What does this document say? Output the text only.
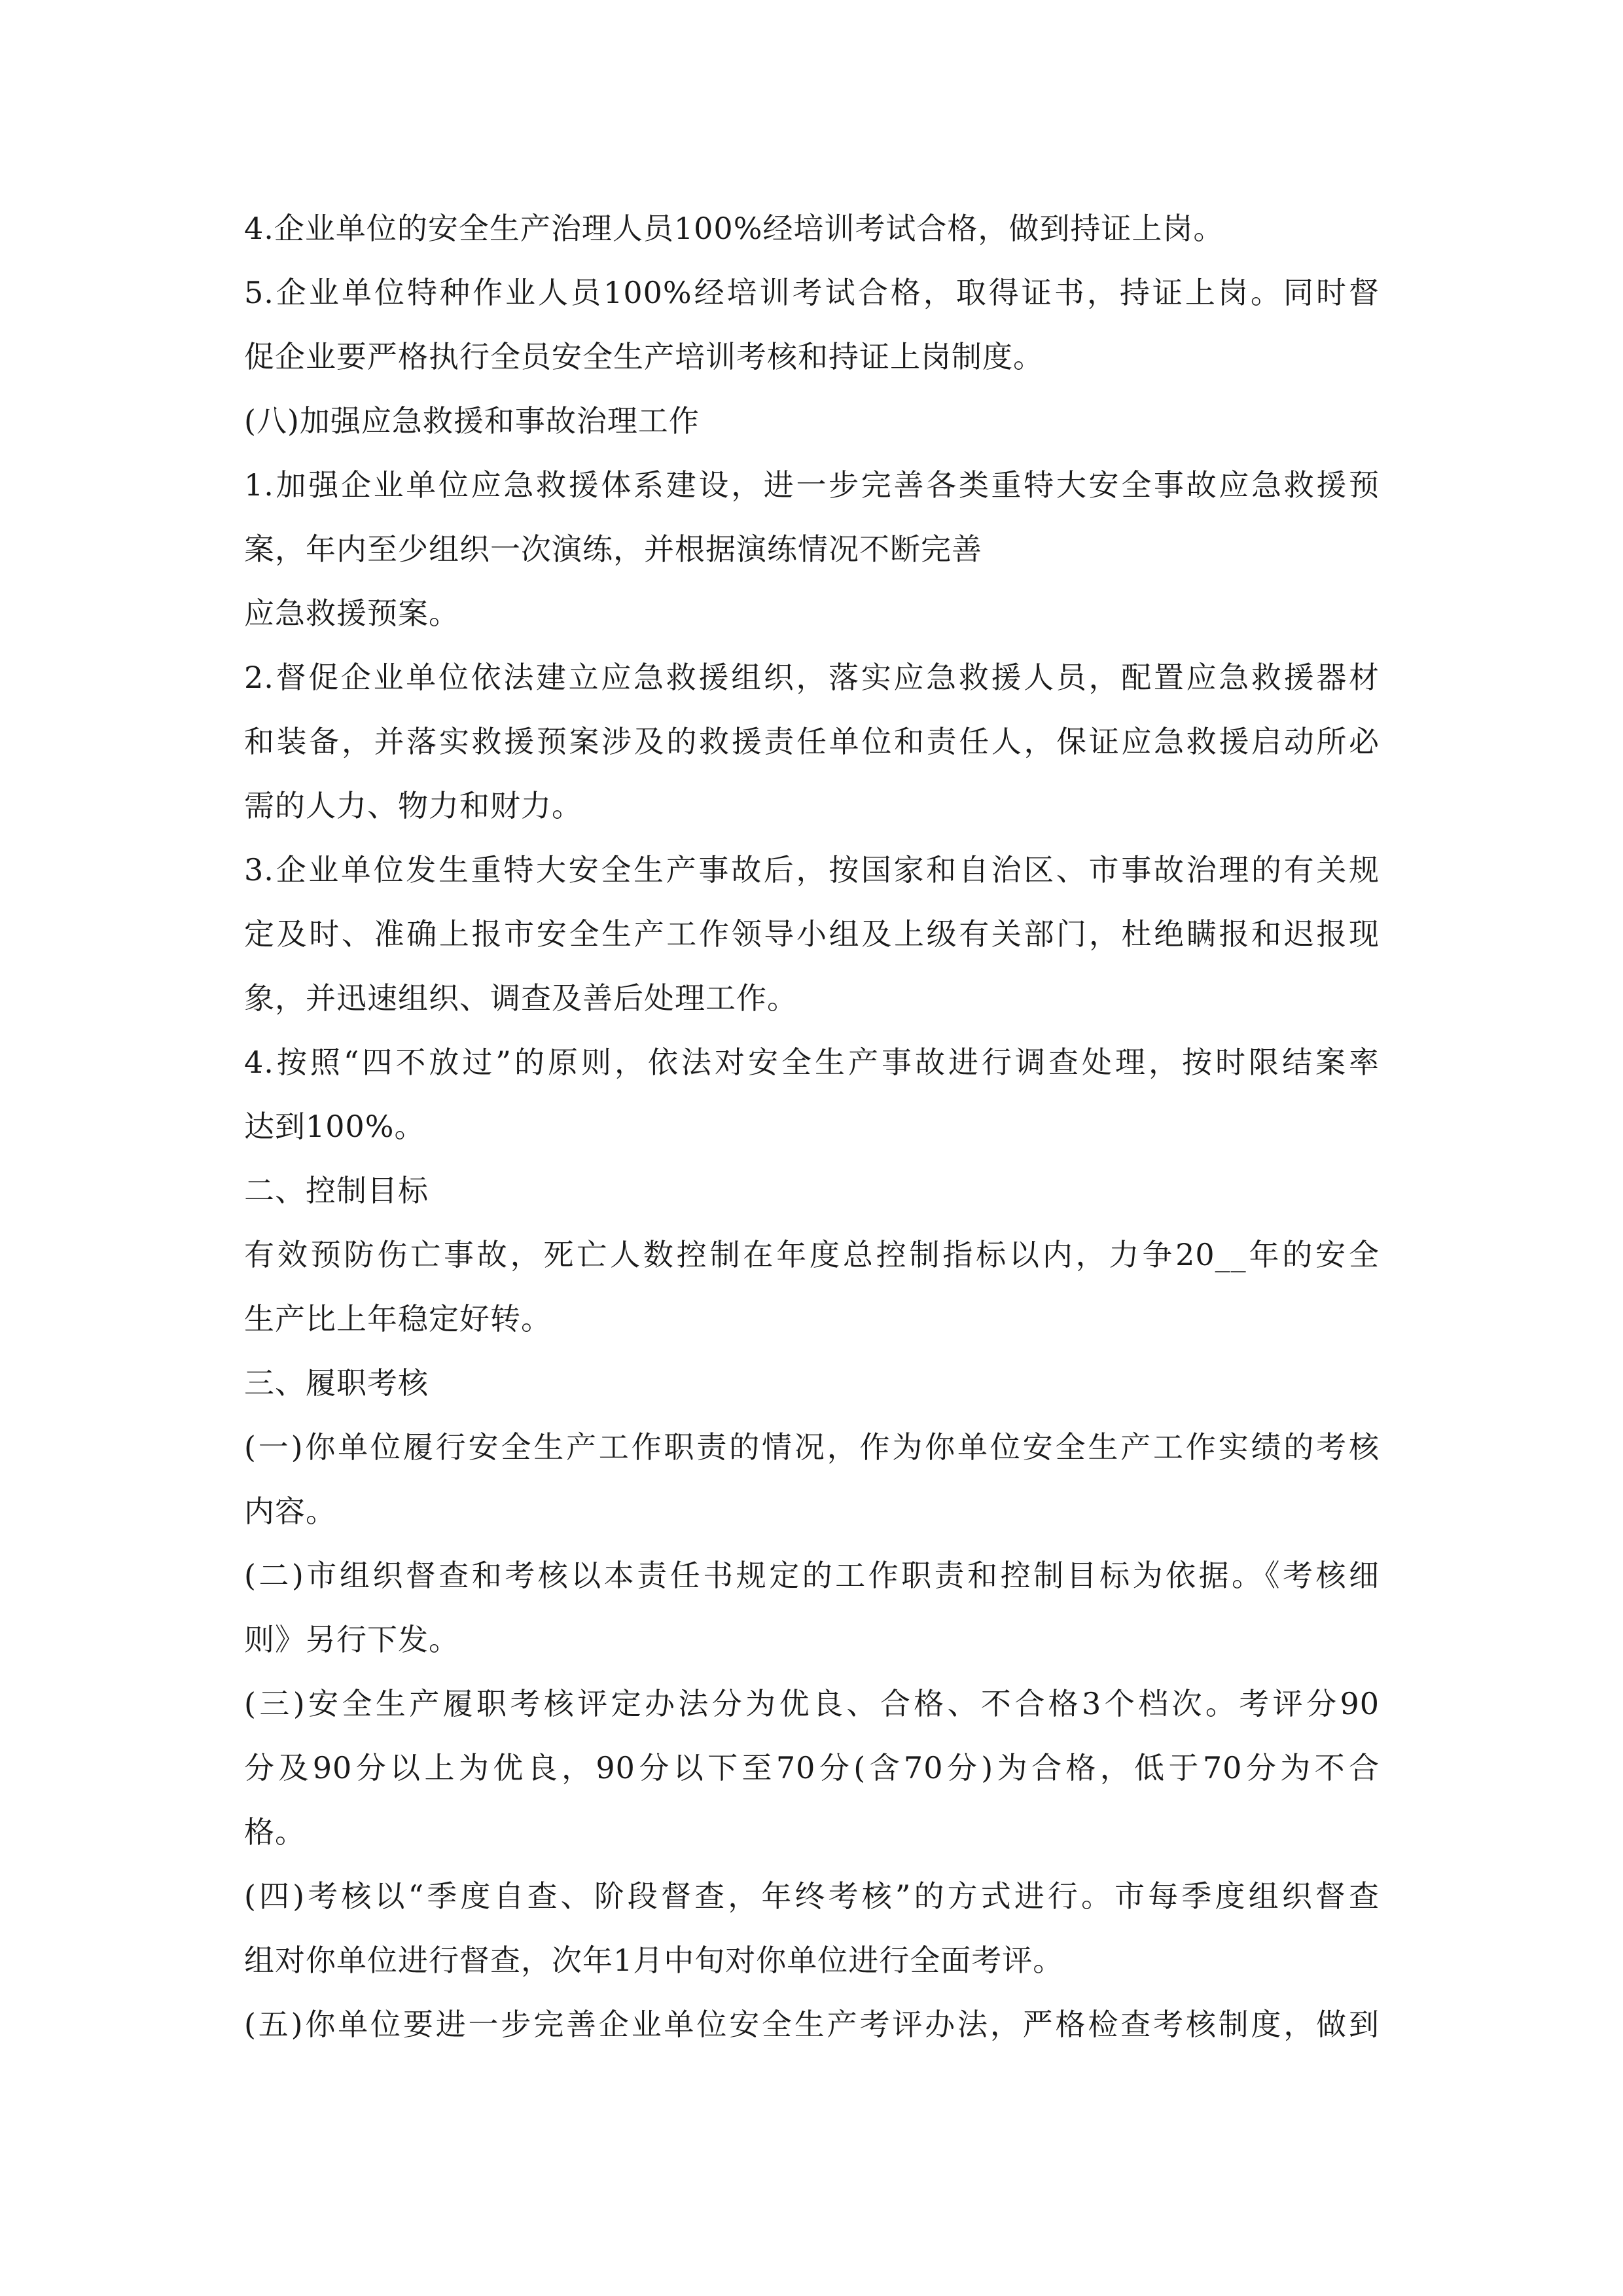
4.企业单位的安全生产治理人员100%经培训考试合格，做到持证上岗。

5.企业单位特种作业人员100%经培训考试合格，取得证书，持证上岗。同时督

促企业要严格执行全员安全生产培训考核和持证上岗制度。

(八)加强应急救援和事故治理工作

1.加强企业单位应急救援体系建设，进一步完善各类重特大安全事故应急救援预

案，年内至少组织一次演练，并根据演练情况不断完善

应急救援预案。

2.督促企业单位依法建立应急救援组织，落实应急救援人员，配置应急救援器材

和装备，并落实救援预案涉及的救援责任单位和责任人，保证应急救援启动所必

需的人力、物力和财力。

3.企业单位发生重特大安全生产事故后，按国家和自治区、市事故治理的有关规

定及时、准确上报市安全生产工作领导小组及上级有关部门，杜绝瞒报和迟报现

象，并迅速组织、调查及善后处理工作。

4.按照“四不放过”的原则，依法对安全生产事故进行调查处理，按时限结案率

达到100%。

二、控制目标

有效预防伤亡事故，死亡人数控制在年度总控制指标以内，力争20__年的安全

生产比上年稳定好转。

三、履职考核

(一)你单位履行安全生产工作职责的情况，作为你单位安全生产工作实绩的考核

内容。

(二)市组织督查和考核以本责任书规定的工作职责和控制目标为依据。《考核细

则》另行下发。

(三)安全生产履职考核评定办法分为优良、合格、不合格3个档次。考评分90

分及90分以上为优良，90分以下至70分(含70分)为合格，低于70分为不合

格。

(四)考核以“季度自查、阶段督查，年终考核”的方式进行。市每季度组织督查

组对你单位进行督查，次年1月中旬对你单位进行全面考评。

(五)你单位要进一步完善企业单位安全生产考评办法，严格检查考核制度，做到
